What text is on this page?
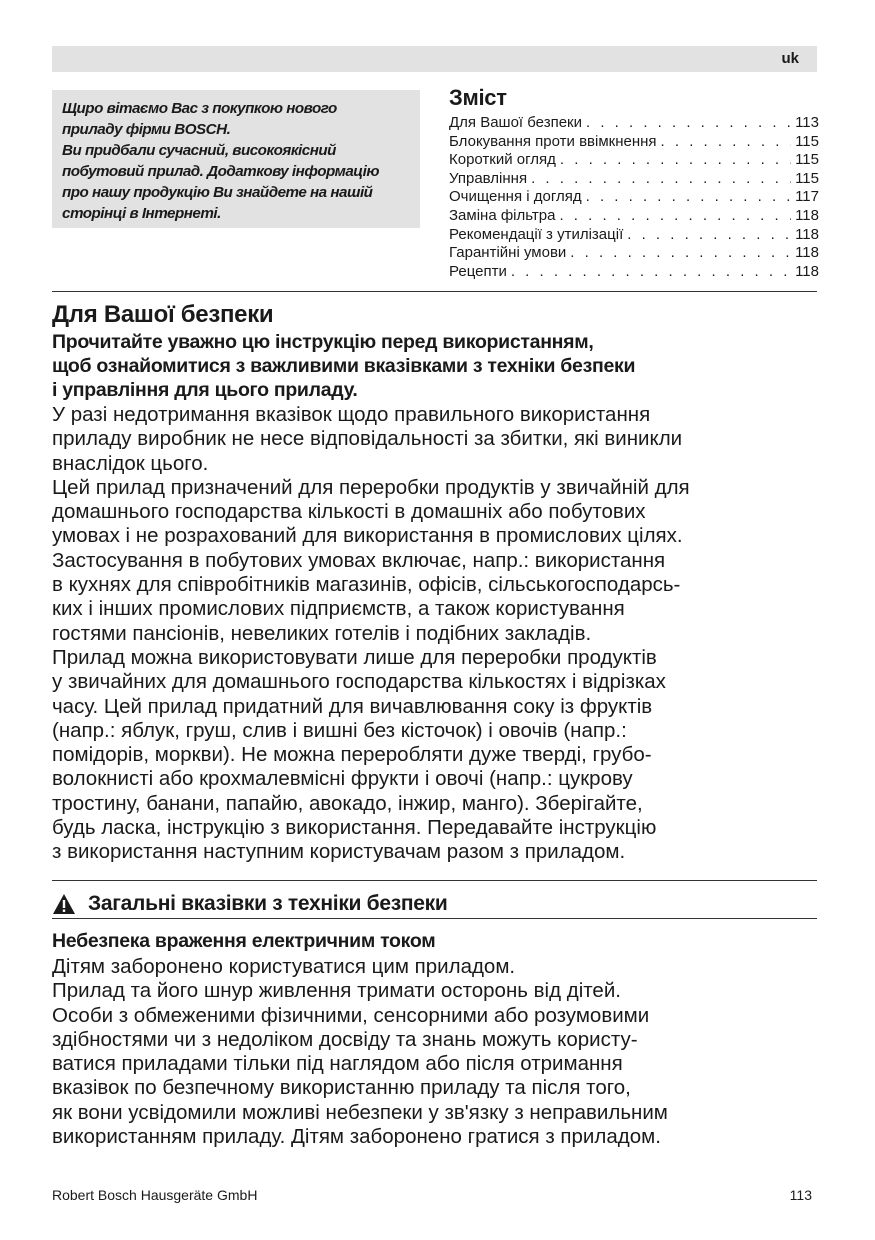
uk

Щиро вітаємо Вас з покупкою нового

приладу фірми BOSCH.

Ви придбали сучасний, високоякісний

побутовий прилад. Додаткову інформацію

про нашу продукцію Ви знайдете на нашій

сторінці в Інтернеті.

Зміст
Для Вашої безпеки . . .	113
Блокування проти ввімкнення . . .	115
Короткий огляд . . .	115
Управління . . .	115
Очищення і догляд . . .	117
Заміна фільтра . . .	118
Рекомендації з утилізації . . .	118
Гарантійні умови . . .	118
Рецепти . . .	118
Для Вашої безпеки
Прочитайте уважно цю інструкцію перед використанням,
щоб ознайомитися з важливими вказівками з техніки безпеки
і управління для цього приладу.

У разі недотримання вказівок щодо правильного використання

приладу виробник не несе відповідальності за збитки, які виникли

внаслідок цього.

Цей прилад призначений для переробки продуктів у звичайній для

домашнього господарства кількості в домашніх або побутових

умовах і не розрахований для використання в промислових цілях.

Застосування в побутових умовах включає, напр.: використання

в кухнях для співробітників магазинів, офісів, сільськогосподарсь-

ких і інших промислових підприємств, а також користування

гостями пансіонів, невеликих готелів і подібних закладів.

Прилад можна використовувати лише для переробки продуктів

у звичайних для домашнього господарства кількостях і відрізках

часу. Цей прилад придатний для вичавлювання соку із фруктів

(напр.: яблук, груш, слив і вишні без кісточок) і овочів (напр.:

помідорів, моркви). Не можна переробляти дуже тверді, грубо-

волокнисті або крохмалевмісні фрукти і овочі (напр.: цукрову

тростину, банани, папайю, авокадо, інжир, манго). Зберігайте,

будь ласка, інструкцію з використання. Передавайте інструкцію

з використання наступним користувачам разом з приладом.

Загальні вказівки з техніки безпеки
Небезпека враження електричним током

Дітям заборонено користуватися цим приладом.

Прилад та його шнур живлення тримати осторонь від дітей.

Особи з обмеженими фізичними, сенсорними або розумовими

здібностями чи з недоліком досвіду та знань можуть користу-

ватися приладами тільки під наглядом або після отримання

вказівок по безпечному використанню приладу та після того,

як вони усвідомили можливі небезпеки у зв'язку з неправильним

використанням приладу. Дітям заборонено гратися з приладом.

Robert Bosch Hausgeräte GmbH	113
